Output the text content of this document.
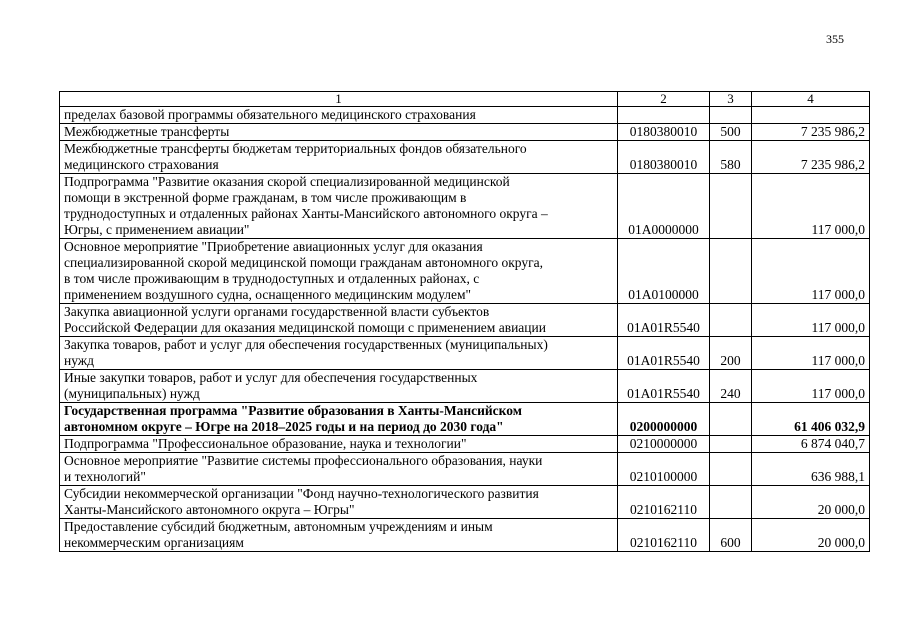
355
1	2	3	4
пределах базовой программы обязательного медицинского страхования			
Межбюджетные трансферты	0180380010	500	7 235 986,2
Межбюджетные трансферты бюджетам территориальных фондов обязательного
медицинского страхования	0180380010	580	7 235 986,2
Подпрограмма "Развитие оказания скорой специализированной медицинской
помощи в экстренной форме гражданам, в том числе проживающим в
труднодоступных и отдаленных районах Ханты-Мансийского автономного округа –
Югры, с применением авиации"	01А0000000		117 000,0
Основное мероприятие "Приобретение авиационных услуг для оказания
специализированной скорой медицинской помощи гражданам автономного округа,
в том числе проживающим в труднодоступных и отдаленных районах, с
применением воздушного судна, оснащенного медицинским модулем"	01А0100000		117 000,0
Закупка авиационной услуги органами государственной власти субъектов
Российской Федерации для оказания медицинской помощи с применением авиации	01А01R5540		117 000,0
Закупка товаров, работ и услуг для обеспечения государственных (муниципальных)
нужд	01А01R5540	200	117 000,0
Иные закупки товаров, работ и услуг для обеспечения государственных
(муниципальных) нужд	01А01R5540	240	117 000,0
Государственная программа "Развитие образования в Ханты-Мансийском
автономном округе – Югре на 2018–2025 годы и на период до 2030 года"	0200000000		61 406 032,9
Подпрограмма "Профессиональное образование, наука и технологии"	0210000000		6 874 040,7
Основное мероприятие "Развитие системы профессионального образования, науки
и технологий"	0210100000		636 988,1
Субсидии некоммерческой организации "Фонд научно-технологического развития
Ханты-Мансийского автономного округа – Югры"	0210162110		20 000,0
Предоставление субсидий бюджетным, автономным учреждениям и иным
некоммерческим организациям	0210162110	600	20 000,0
